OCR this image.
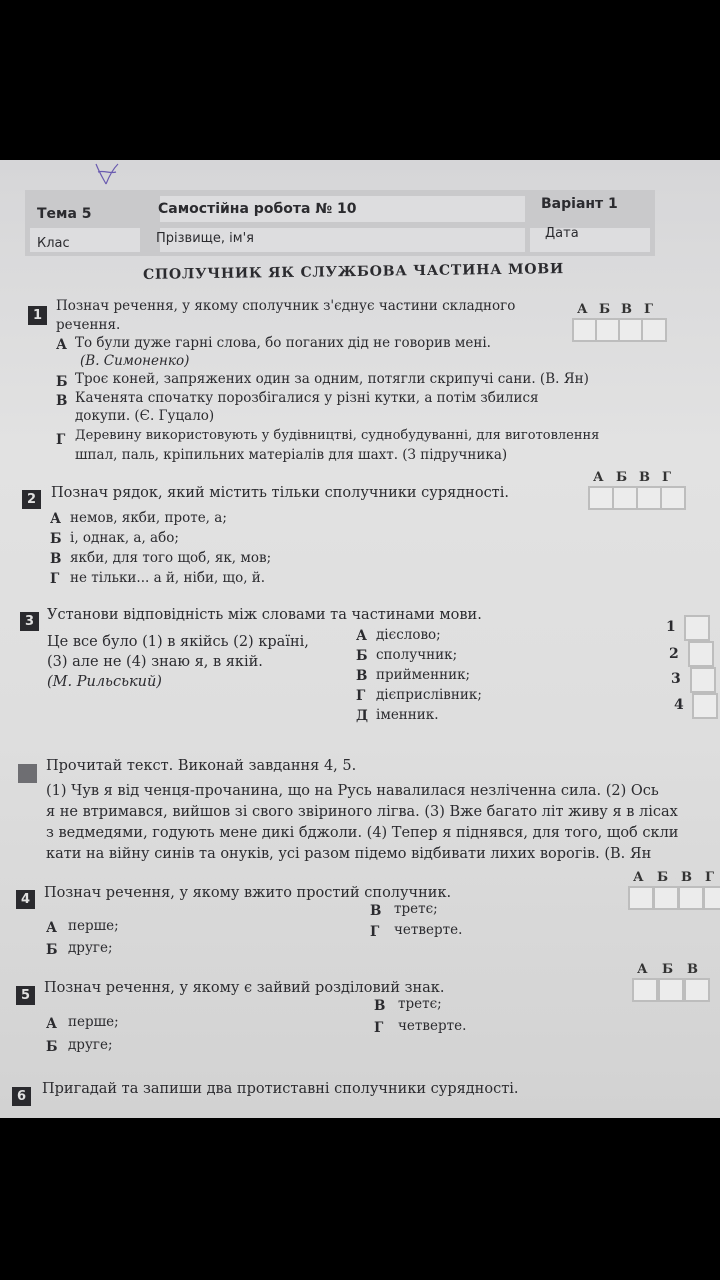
Тема 5	Самостійна робота № 10	Варіант 1
Клас	Прізвище, ім'я	Дата
СПОЛУЧНИК ЯК СЛУЖБОВА ЧАСТИНА МОВИ
1
Познач речення, у якому сполучник з'єднує частини складного
речення.
А Б В Г
А То були дуже гарні слова, бо поганих дід не говорив мені.
(В. Симоненко)
Б Троє коней, запряжених один за одним, потягли скрипучі сани. (В. Ян)
В Каченята спочатку порозбігалися у різні кутки, а потім збилися
докупи. (Є. Гуцало)
Г Деревину використовують у будівництві, суднобудуванні, для виготовлення
шпал, паль, кріпильних матеріалів для шахт. (З підручника)
2	Познач рядок, який містить тільки сполучники сурядності.
А Б В Г
А немов, якби, проте, а;
Б і, однак, а, або;
В якби, для того щоб, як, мов;
Г не тільки... а й, ніби, що, й.
3 Установи відповідність між словами та частинами мови.
Це все було (1) в якійсь (2) країні,
(3) але не (4) знаю я, в якій.
(М. Рильський)
А дієслово;
Б сполучник;
В прийменник;
Г дієприслівник;
Д іменник.
1
2
3
4
Прочитай текст. Виконай завдання 4, 5.
(1) Чув я від ченця-прочанина, що на Русь навалилася незліченна сила. (2) Ось
я не втримався, вийшов зі свого звіриного лігва. (3) Вже багато літ живу я в лісах
з ведмедями, годують мене дикі бджоли. (4) Тепер я піднявся, для того, щоб скли
кати на війну синів та онуків, усі разом підемо відбивати лихих ворогів. (В. Ян
4 Познач речення, у якому вжито простий сполучник.
А Б В Г
В третє;
А перше;	Г четверте.
Б друге;
5 Познач речення, у якому є зайвий розділовий знак.
А Б В
В третє;
А перше;	Г четверте.
Б друге;
6	Пригадай та запиши два протиставні сполучники сурядності.
